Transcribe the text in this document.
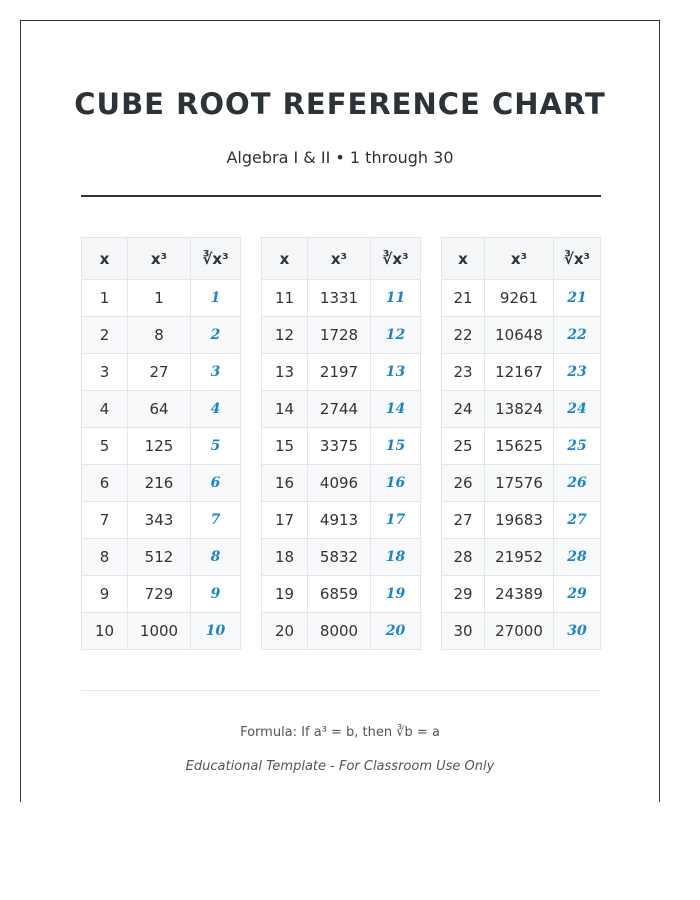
CUBE ROOT REFERENCE CHART
Algebra I & II • 1 through 30
x	x³	∛x³
1	1	1
2	8	2
3	27	3
4	64	4
5	125	5
6	216	6
7	343	7
8	512	8
9	729	9
10	1000	10
x	x³	∛x³
11	1331	11
12	1728	12
13	2197	13
14	2744	14
15	3375	15
16	4096	16
17	4913	17
18	5832	18
19	6859	19
20	8000	20
x	x³	∛x³
21	9261	21
22	10648	22
23	12167	23
24	13824	24
25	15625	25
26	17576	26
27	19683	27
28	21952	28
29	24389	29
30	27000	30
Formula: If a³ = b, then ∛b = a
Educational Template - For Classroom Use Only
